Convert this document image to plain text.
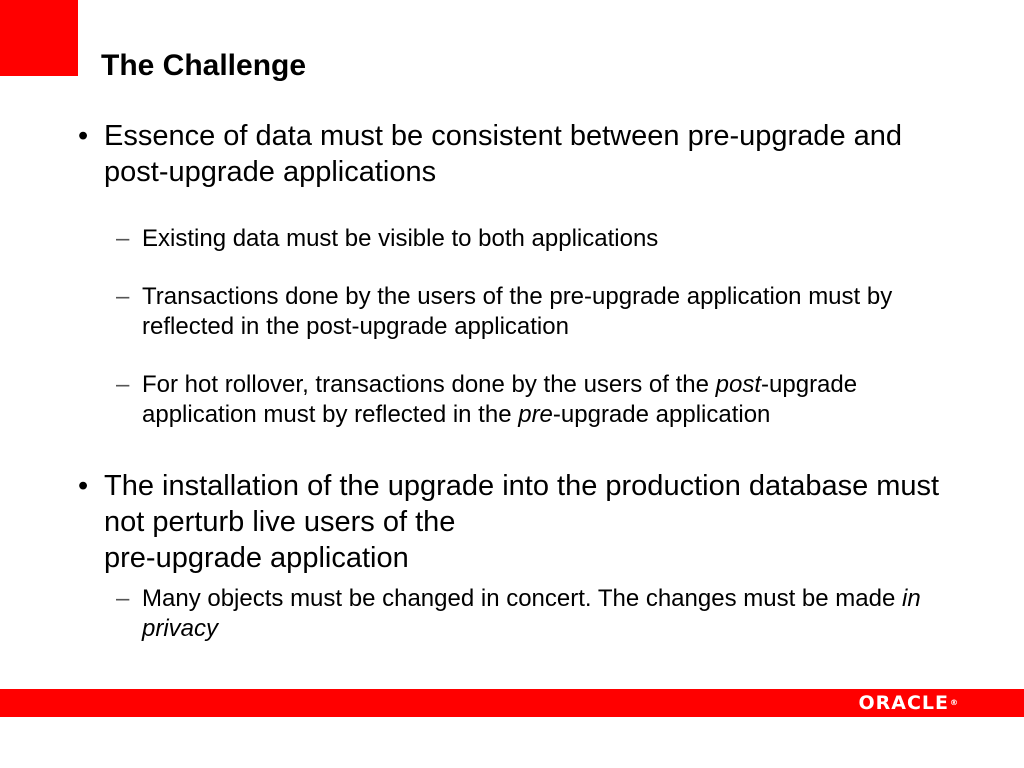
The Challenge
• Essence of data must be consistent between pre-upgrade and post-upgrade applications
– Existing data must be visible to both applications
– Transactions done by the users of the pre-upgrade application must by reflected in the post-upgrade application
– For hot rollover, transactions done by the users of the post-upgrade application must by reflected in the pre-upgrade application
• The installation of the upgrade into the production database must not perturb live users of the
pre-upgrade application
– Many objects must be changed in concert. The changes must be made in privacy
ORACLE®
